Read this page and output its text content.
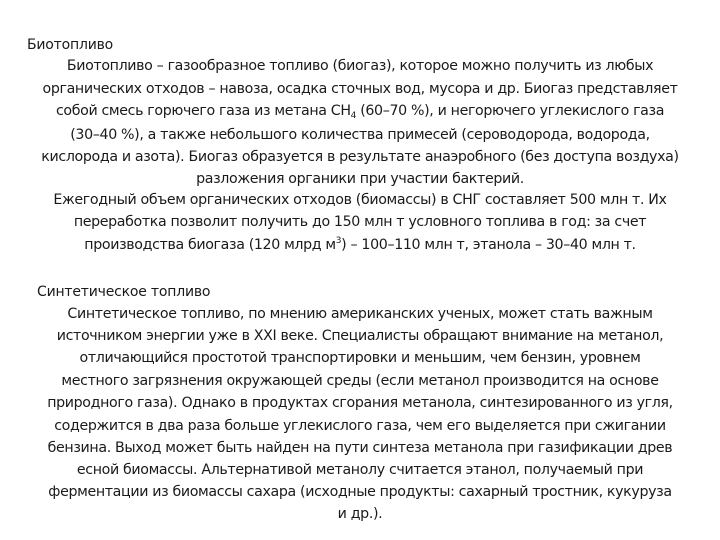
Биотопливо
Биотопливо – газообразное топливо (биогаз), которое можно получить из любых
органических отходов – навоза, осадка сточных вод, мусора и др. Биогаз представляет
собой смесь горючего газа из метана $СН_4$ (60–70 %), и негорючего углекислого газа
(30–40 %), а также небольшого количества примесей (сероводорода, водорода,
кислорода и азота). Биогаз образуется в результате анаэробного (без доступа воздуха)
разложения органики при участии бактерий.
Ежегодный объем органических отходов (биомассы) в СНГ составляет 500 млн т. Их
переработка позволит получить до 150 млн т условного топлива в год: за счет
производства биогаза (120 млрд $м^3) - 100-110$ млн т, этанола – 30–40 млн т.
Синтетическое топливо
Синтетическое топливо, по мнению американских ученых, может стать важным
источником энергии уже в XXI веке. Специалисты обращают внимание на метанол,
отличающийся простотой транспортировки и меньшим, чем бензин, уровнем
местного загрязнения окружающей среды (если метанол производится на основе
природного газа). Однако в продуктах сгорания метанола, синтезированного из угля,
содержится в два раза больше углекислого газа, чем его выделяется при сжигании
бензина. Выход может быть найден на пути синтеза метанола при газификации древ
есной биомассы. Альтернативой метанолу считается этанол, получаемый при
ферментации из биомассы сахара (исходные продукты: сахарный тростник, кукуруза
и др.).
